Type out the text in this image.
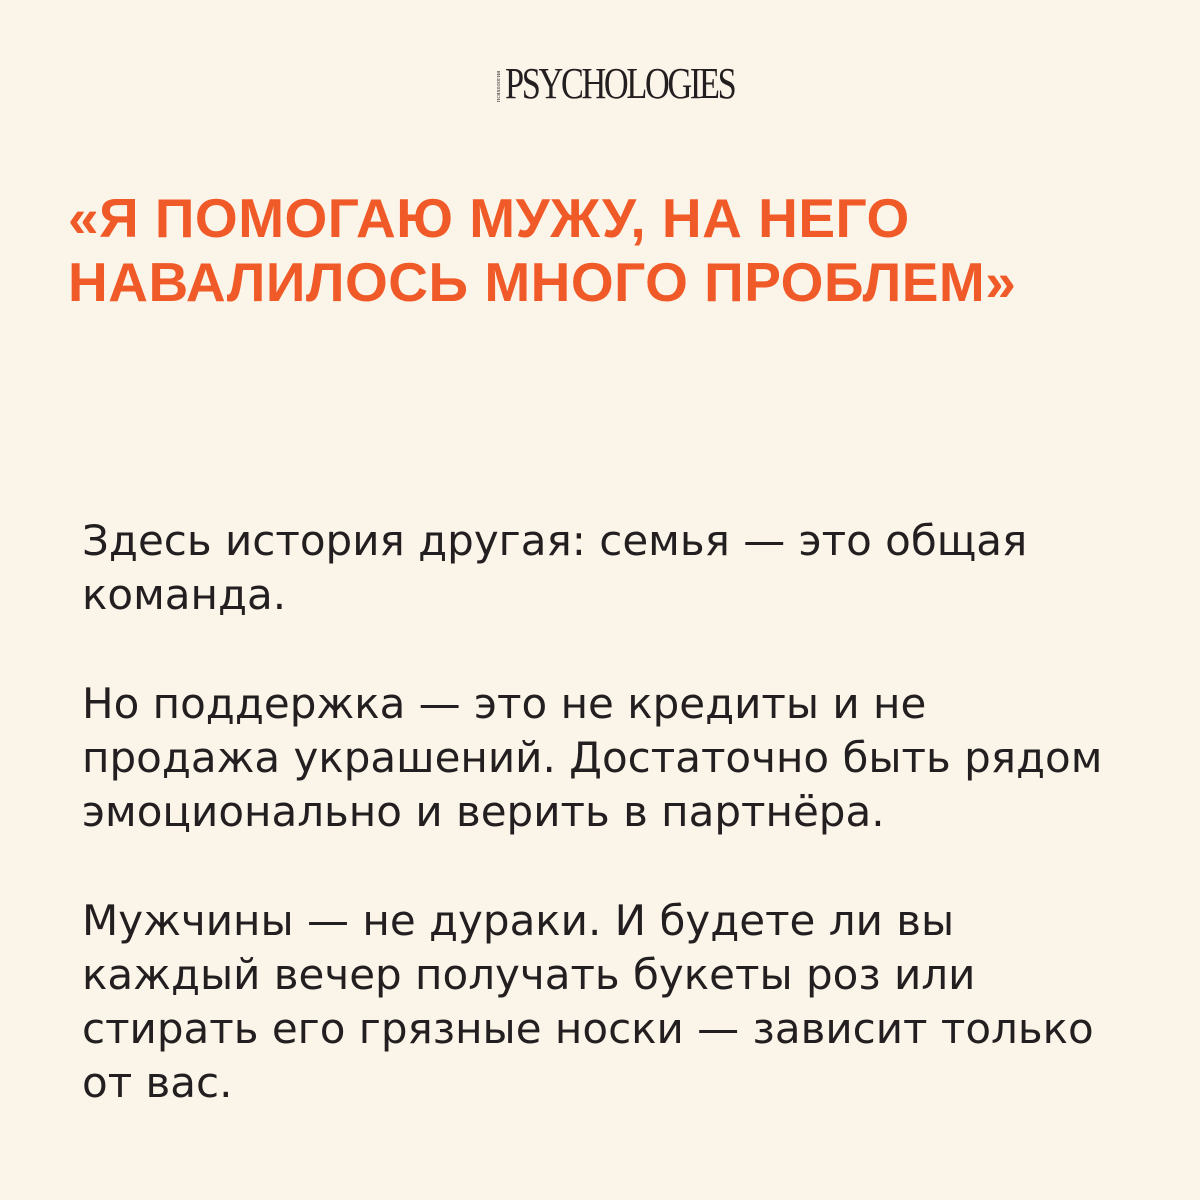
психология PSYCHOLOGIES
«Я ПОМОГАЮ МУЖУ, НА НЕГО
НАВАЛИЛОСЬ МНОГО ПРОБЛЕМ»

Здесь история другая: семья — это общая
команда.

Но поддержка — это не кредиты и не
продажа украшений. Достаточно быть рядом
эмоционально и верить в партнёра.

Мужчины — не дураки. И будете ли вы
каждый вечер получать букеты роз или
стирать его грязные носки — зависит только
от вас.
